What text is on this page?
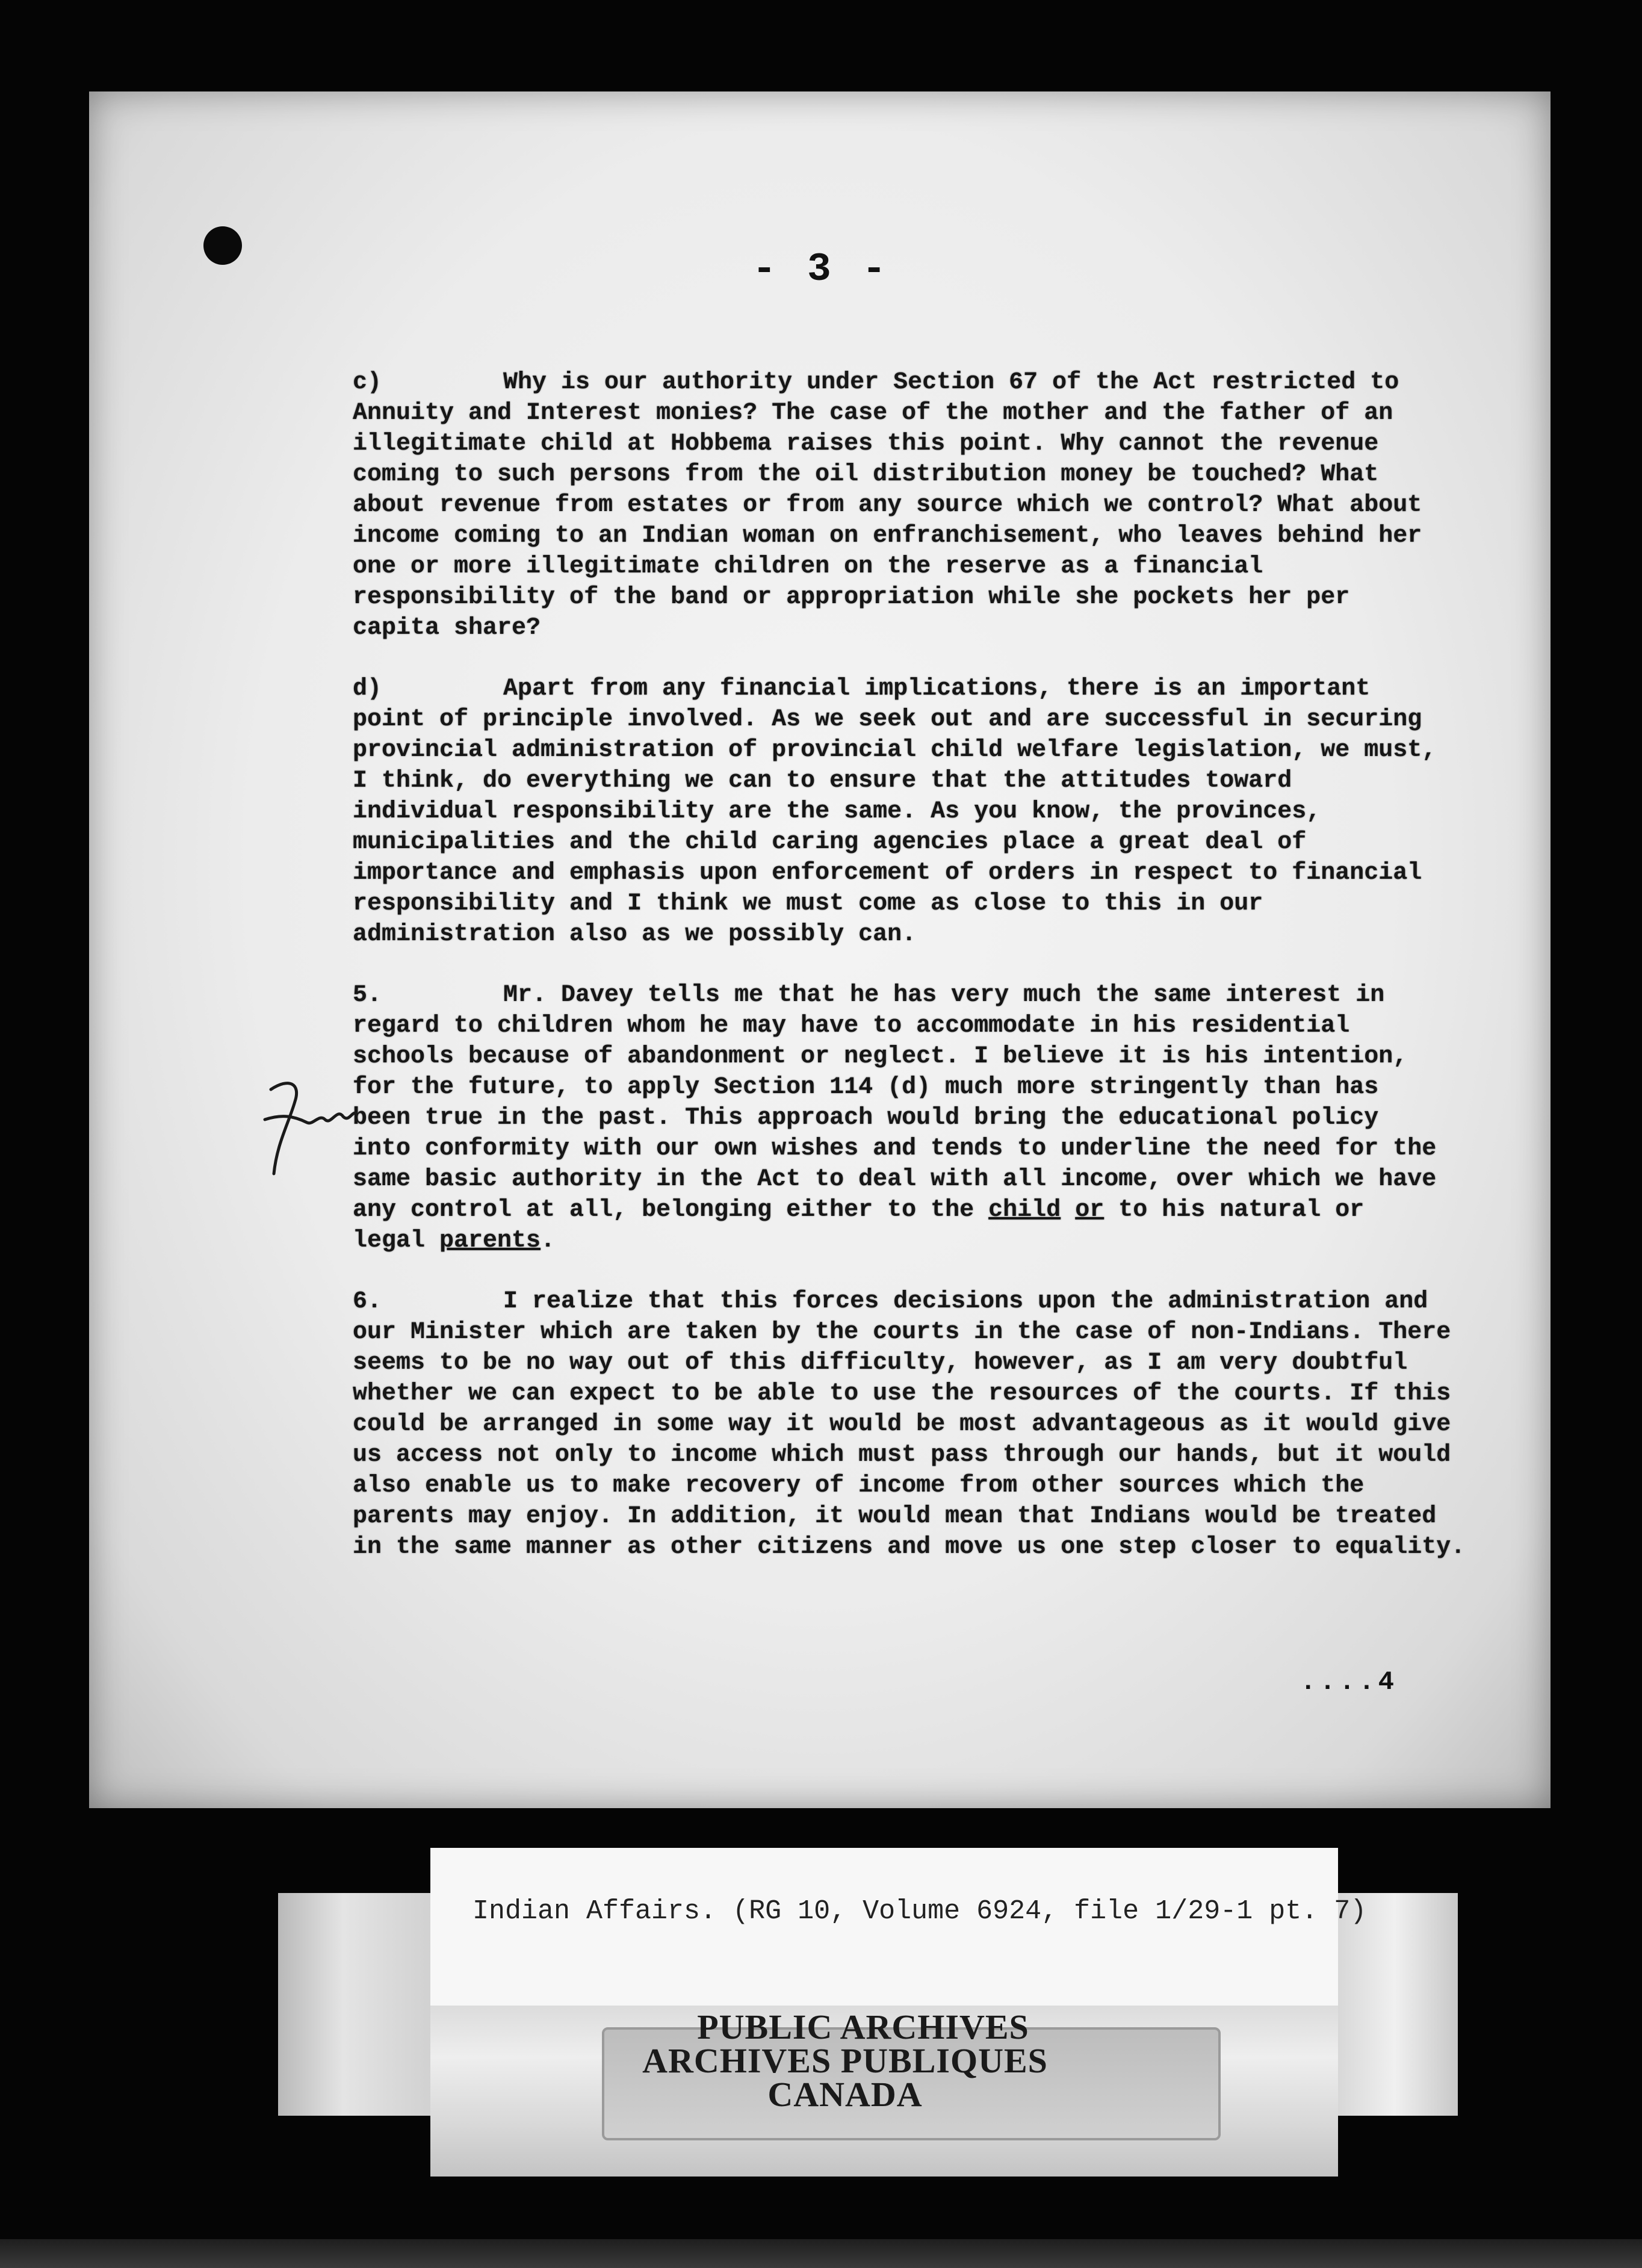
- 3 -

c)	Why is our authority under Section 67 of the Act restricted to Annuity and Interest monies? The case of the mother and the father of an illegitimate child at Hobbema raises this point. Why cannot the revenue coming to such persons from the oil distribution money be touched? What about revenue from estates or from any source which we control? What about income coming to an Indian woman on enfranchisement, who leaves behind her one or more illegitimate children on the reserve as a financial responsibility of the band or appropriation while she pockets her per capita share?

d)	Apart from any financial implications, there is an important point of principle involved. As we seek out and are successful in securing provincial administration of provincial child welfare legislation, we must, I think, do everything we can to ensure that the attitudes toward individual responsibility are the same. As you know, the provinces, municipalities and the child caring agencies place a great deal of importance and emphasis upon enforcement of orders in respect to financial responsibility and I think we must come as close to this in our administration also as we possibly can.

5.	Mr. Davey tells me that he has very much the same interest in regard to children whom he may have to accommodate in his residential schools because of abandonment or neglect. I believe it is his intention, for the future, to apply Section 114 (d) much more stringently than has been true in the past. This approach would bring the educational policy into conformity with our own wishes and tends to underline the need for the same basic authority in the Act to deal with all income, over which we have any control at all, belonging either to the child or to his natural or legal parents.

6.	I realize that this forces decisions upon the administration and our Minister which are taken by the courts in the case of non-Indians. There seems to be no way out of this difficulty, however, as I am very doubtful whether we can expect to be able to use the resources of the courts. If this could be arranged in some way it would be most advantageous as it would give us access not only to income which must pass through our hands, but it would also enable us to make recovery of income from other sources which the parents may enjoy. In addition, it would mean that Indians would be treated in the same manner as other citizens and move us one step closer to equality.

....4
Indian Affairs. (RG 10, Volume 6924, file 1/29-1 pt. 7)
PUBLIC ARCHIVES
ARCHIVES PUBLIQUES
CANADA
